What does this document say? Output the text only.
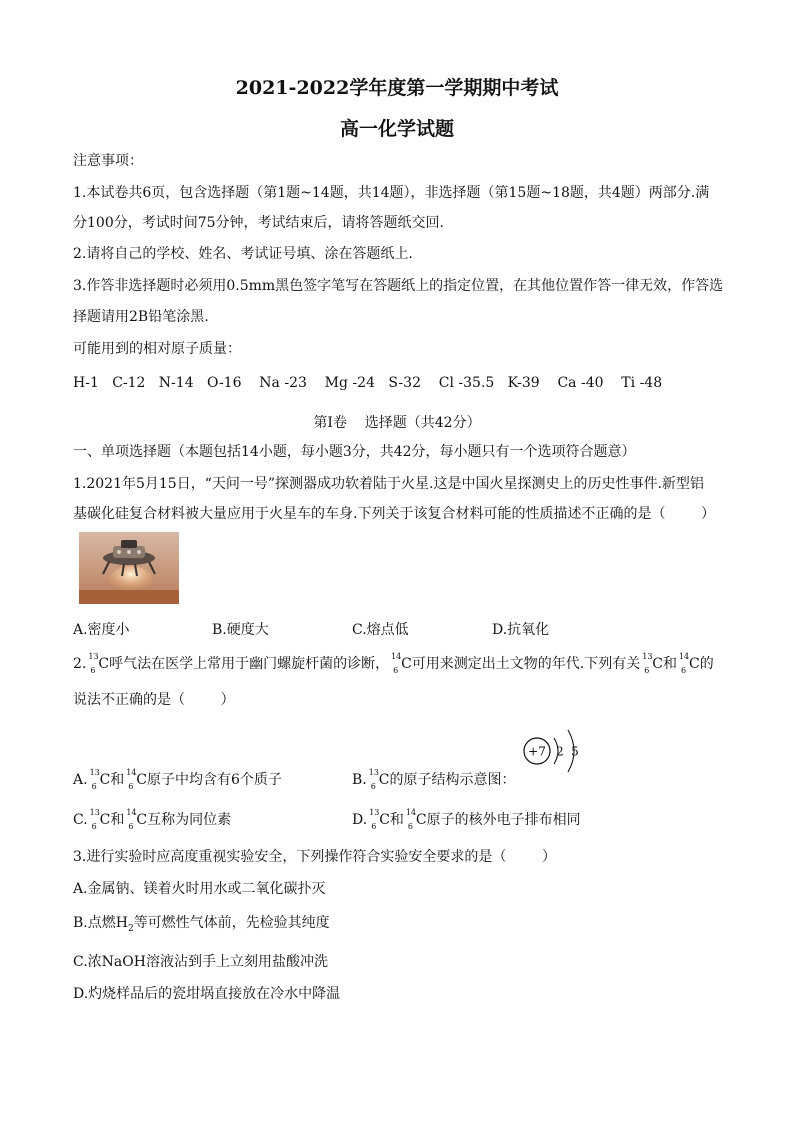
2021-2022学年度第一学期期中考试
高一化学试题
注意事项：
1.本试卷共6页，包含选择题（第1题~14题，共14题），非选择题（第15题~18题，共4题）两部分.满
分100分，考试时间75分钟，考试结束后，请将答题纸交回.
2.请将自己的学校、姓名、考试证号填、涂在答题纸上.
3.作答非选择题时必须用0.5mm黑色签字笔写在答题纸上的指定位置，在其他位置作答一律无效，作答选
择题请用2B铅笔涂黑.
可能用到的相对原子质量：
H-1   C-12   N-14   O-16    Na -23    Mg -24   S-32    Cl -35.5   K-39    Ca -40    Ti -48
第Ⅰ卷    选择题（共42分）
一、单项选择题（本题包括14小题，每小题3分，共42分，每小题只有一个选项符合题意）
1.2021年5月15日，“天问一号”探测器成功软着陆于火星.这是中国火星探测史上的历史性事件.新型铝
基碳化硅复合材料被大量应用于火星车的车身.下列关于该复合材料可能的性质描述不正确的是（        ）
A.密度小	B.硬度大	C.熔点低	D.抗氧化
2. 13
6 C呼气法在医学上常用于幽门螺旋杆菌的诊断， 14
6 C可用来测定出土文物的年代.下列有关 13
6 C和 14
6 C的
说法不正确的是（        ）
A. 13
6 C和 14
6 C原子中均含有6个质子	B. 13
6 C的原子结构示意图：
+7 2 5
C. 13
6 C和 14
6 C互称为同位素	D. 13
6 C和 14
6 C原子的核外电子排布相同
3.进行实验时应高度重视实验安全，下列操作符合实验安全要求的是（        ）
A.金属钠、镁着火时用水或二氧化碳扑灭
B.点燃$H_2$等可燃性气体前，先检验其纯度
C.浓NaOH溶液沾到手上立刻用盐酸冲洗
D.灼烧样品后的瓷坩埚直接放在冷水中降温
